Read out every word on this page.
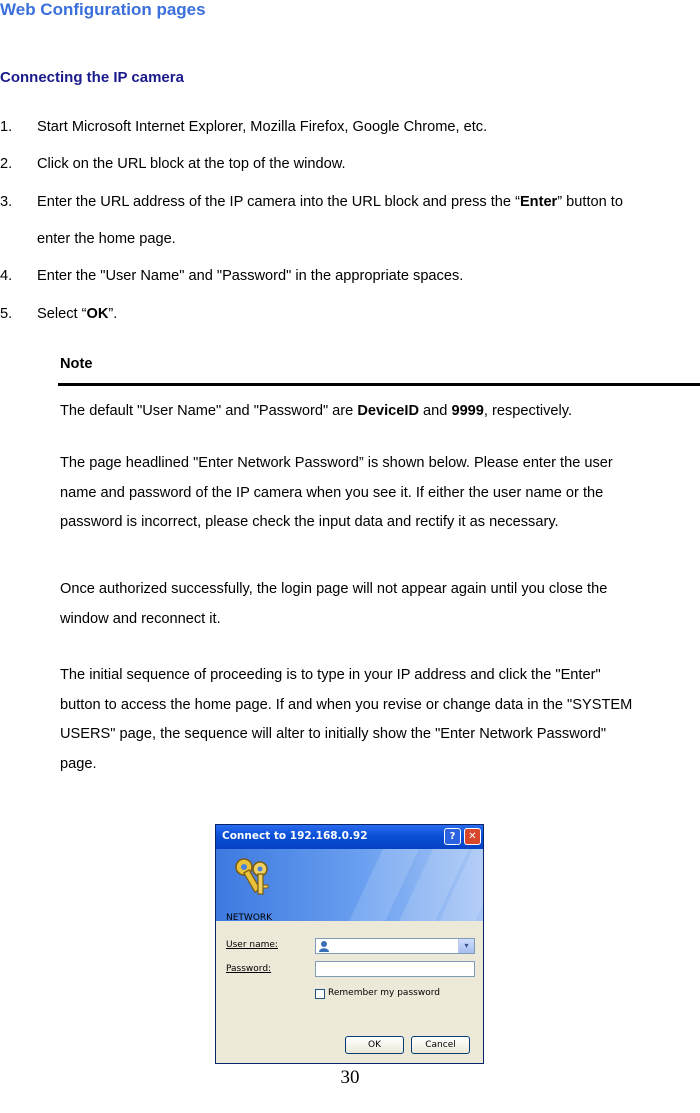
Web Configuration pages
Connecting the IP camera
1. Start Microsoft Internet Explorer, Mozilla Firefox, Google Chrome, etc.
2. Click on the URL block at the top of the window.
3. Enter the URL address of the IP camera into the URL block and press the “Enter” button to
enter the home page.
4. Enter the "User Name" and "Password" in the appropriate spaces.
5. Select “OK”.
Note
The default "User Name" and "Password" are DeviceID and 9999, respectively.
The page headlined "Enter Network Password” is shown below. Please enter the user
name and password of the IP camera when you see it. If either the user name or the
password is incorrect, please check the input data and rectify it as necessary.
Once authorized successfully, the login page will not appear again until you close the
window and reconnect it.
The initial sequence of proceeding is to type in your IP address and click the "Enter"
button to access the home page. If and when you revise or change data in the "SYSTEM
USERS" page, the sequence will alter to initially show the "Enter Network Password"
page.
Connect to 192.168.0.92	?	✕
NETWORK
User name:	▾
Password:
Remember my password
OK	Cancel
30
